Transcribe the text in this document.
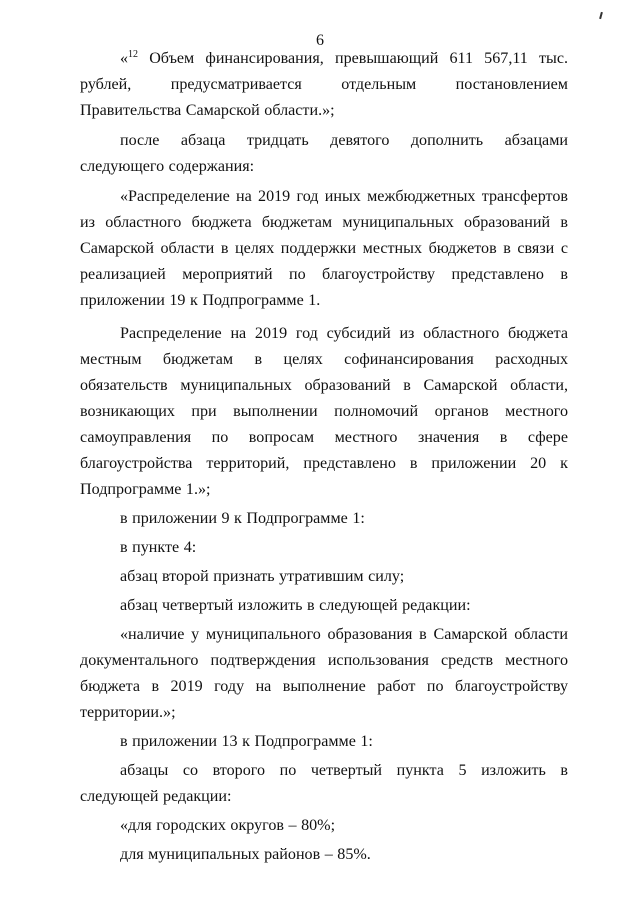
6

«$^{12}$ Объем финансирования, превышающий 611 567,11 тыс. рублей, предусматривается отдельным постановлением Правительства Самарской области.»;

после абзаца тридцать девятого дополнить абзацами следующего содержания:

«Распределение на 2019 год иных межбюджетных трансфертов из областного бюджета бюджетам муниципальных образований в Самарской области в целях поддержки местных бюджетов в связи с реализацией мероприятий по благоустройству представлено в приложении 19 к Подпрограмме 1.

Распределение на 2019 год субсидий из областного бюджета местным бюджетам в целях софинансирования расходных обязательств муниципальных образований в Самарской области, возникающих при выполнении полномочий органов местного самоуправления по вопросам местного значения в сфере благоустройства территорий, представлено в приложении 20 к Подпрограмме 1.»;

в приложении 9 к Подпрограмме 1:

в пункте 4:

абзац второй признать утратившим силу;

абзац четвертый изложить в следующей редакции:

«наличие у муниципального образования в Самарской области документального подтверждения использования средств местного бюджета в 2019 году на выполнение работ по благоустройству территории.»;

в приложении 13 к Подпрограмме 1:

абзацы со второго по четвертый пункта 5 изложить в следующей редакции:

«для городских округов – 80%;

для муниципальных районов – 85%.
